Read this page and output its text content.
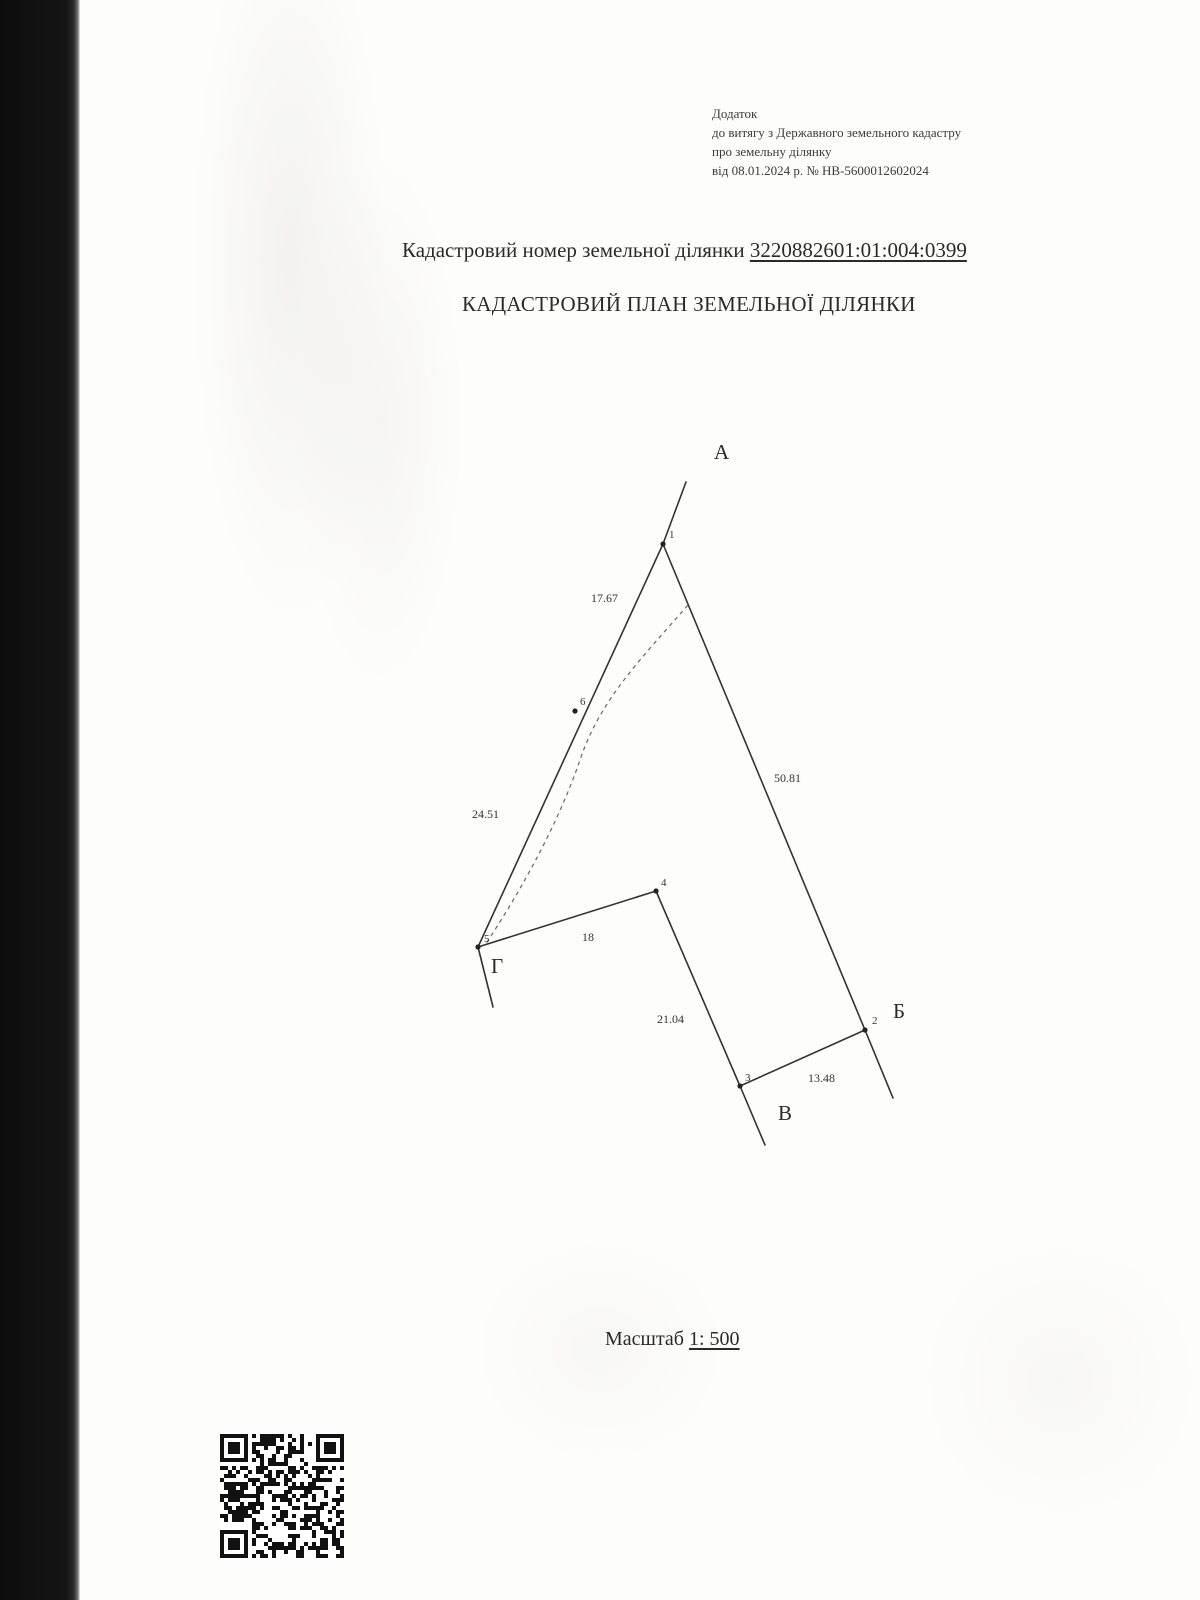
Додаток
до витягу з Державного земельного кадастру
про земельну ділянку
від 08.01.2024 р. № НВ-5600012602024
Кадастровий номер земельної ділянки 3220882601:01:004:0399
КАДАСТРОВИЙ ПЛАН ЗЕМЕЛЬНОЇ ДІЛЯНКИ
1
2
3
4
5
6
17.67
24.51
50.81
18
21.04
13.48
А
Б
В
Г
Масштаб 1: 500
